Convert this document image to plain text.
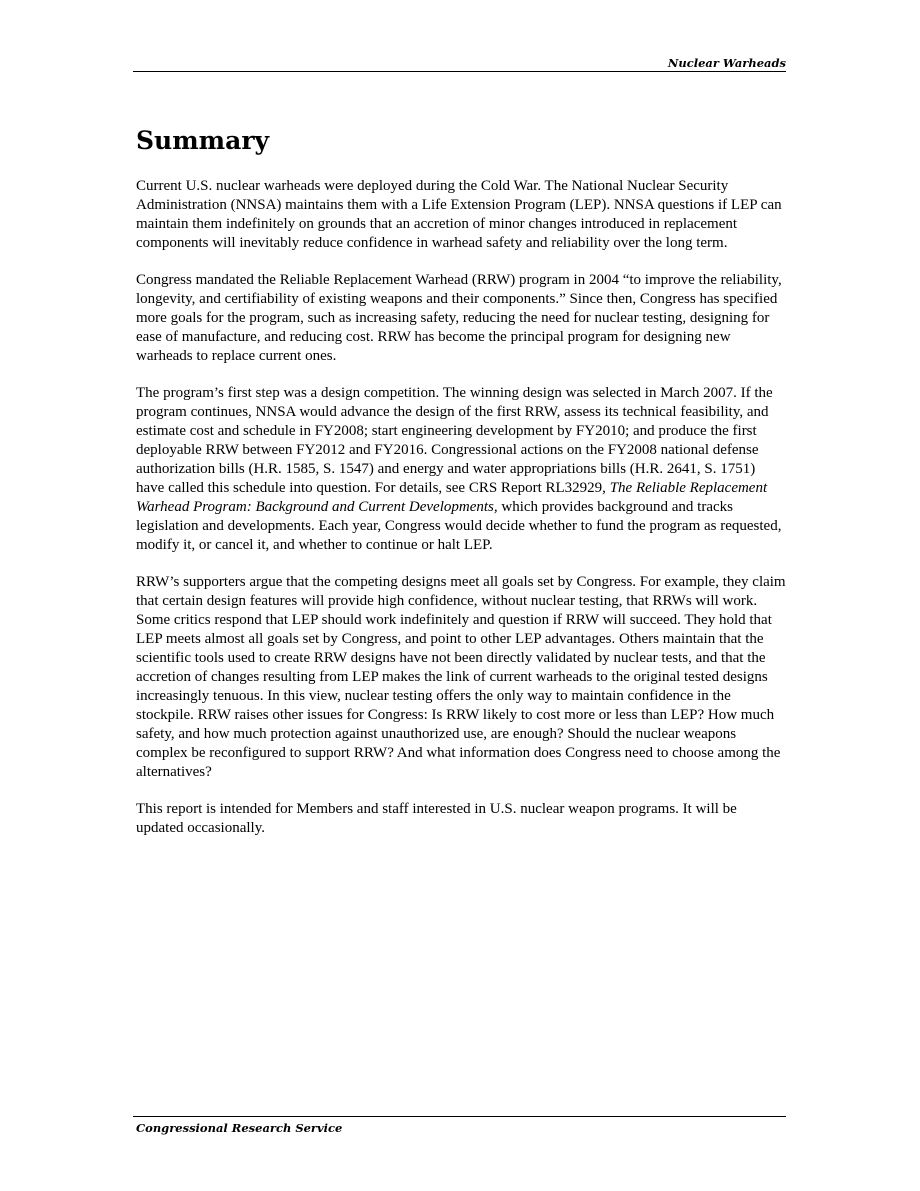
Nuclear Warheads
Summary

Current U.S. nuclear warheads were deployed during the Cold War. The National Nuclear Security Administration (NNSA) maintains them with a Life Extension Program (LEP). NNSA questions if LEP can maintain them indefinitely on grounds that an accretion of minor changes introduced in replacement components will inevitably reduce confidence in warhead safety and reliability over the long term.

Congress mandated the Reliable Replacement Warhead (RRW) program in 2004 “to improve the reliability, longevity, and certifiability of existing weapons and their components.” Since then, Congress has specified more goals for the program, such as increasing safety, reducing the need for nuclear testing, designing for ease of manufacture, and reducing cost. RRW has become the principal program for designing new warheads to replace current ones.

The program’s first step was a design competition. The winning design was selected in March 2007. If the program continues, NNSA would advance the design of the first RRW, assess its technical feasibility, and estimate cost and schedule in FY2008; start engineering development by FY2010; and produce the first deployable RRW between FY2012 and FY2016. Congressional actions on the FY2008 national defense authorization bills (H.R. 1585, S. 1547) and energy and water appropriations bills (H.R. 2641, S. 1751) have called this schedule into question. For details, see CRS Report RL32929, The Reliable Replacement Warhead Program: Background and Current Developments, which provides background and tracks legislation and developments. Each year, Congress would decide whether to fund the program as requested, modify it, or cancel it, and whether to continue or halt LEP.

RRW’s supporters argue that the competing designs meet all goals set by Congress. For example, they claim that certain design features will provide high confidence, without nuclear testing, that RRWs will work. Some critics respond that LEP should work indefinitely and question if RRW will succeed. They hold that LEP meets almost all goals set by Congress, and point to other LEP advantages. Others maintain that the scientific tools used to create RRW designs have not been directly validated by nuclear tests, and that the accretion of changes resulting from LEP makes the link of current warheads to the original tested designs increasingly tenuous. In this view, nuclear testing offers the only way to maintain confidence in the stockpile. RRW raises other issues for Congress: Is RRW likely to cost more or less than LEP? How much safety, and how much protection against unauthorized use, are enough? Should the nuclear weapons complex be reconfigured to support RRW? And what information does Congress need to choose among the alternatives?

This report is intended for Members and staff interested in U.S. nuclear weapon programs. It will be updated occasionally.

Congressional Research Service
